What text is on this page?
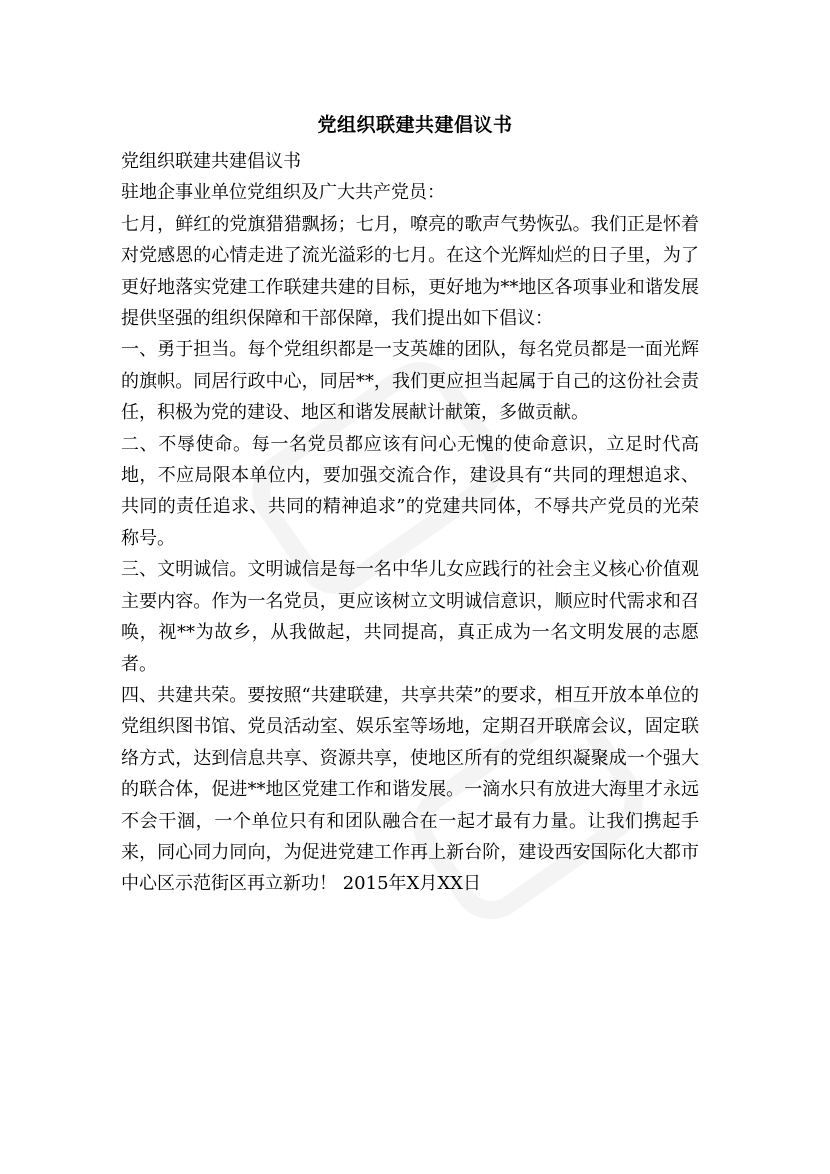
党组织联建共建倡议书

党组织联建共建倡议书

驻地企事业单位党组织及广大共产党员：

七月，鲜红的党旗猎猎飘扬；七月，嘹亮的歌声气势恢弘。我们正是怀着对党感恩的心情走进了流光溢彩的七月。在这个光辉灿烂的日子里，为了更好地落实党建工作联建共建的目标，更好地为**地区各项事业和谐发展提供坚强的组织保障和干部保障，我们提出如下倡议：

一、勇于担当。每个党组织都是一支英雄的团队，每名党员都是一面光辉的旗帜。同居行政中心，同居**，我们更应担当起属于自己的这份社会责任，积极为党的建设、地区和谐发展献计献策，多做贡献。

二、不辱使命。每一名党员都应该有问心无愧的使命意识，立足时代高地，不应局限本单位内，要加强交流合作，建设具有“共同的理想追求、共同的责任追求、共同的精神追求”的党建共同体，不辱共产党员的光荣称号。

三、文明诚信。文明诚信是每一名中华儿女应践行的社会主义核心价值观主要内容。作为一名党员，更应该树立文明诚信意识，顺应时代需求和召唤，视**为故乡，从我做起，共同提高，真正成为一名文明发展的志愿者。

四、共建共荣。要按照“共建联建，共享共荣”的要求，相互开放本单位的党组织图书馆、党员活动室、娱乐室等场地，定期召开联席会议，固定联络方式，达到信息共享、资源共享，使地区所有的党组织凝聚成一个强大的联合体，促进**地区党建工作和谐发展。一滴水只有放进大海里才永远不会干涸，一个单位只有和团队融合在一起才最有力量。让我们携起手来，同心同力同向，为促进党建工作再上新台阶，建设西安国际化大都市中心区示范街区再立新功！ 2015年X月XX日
